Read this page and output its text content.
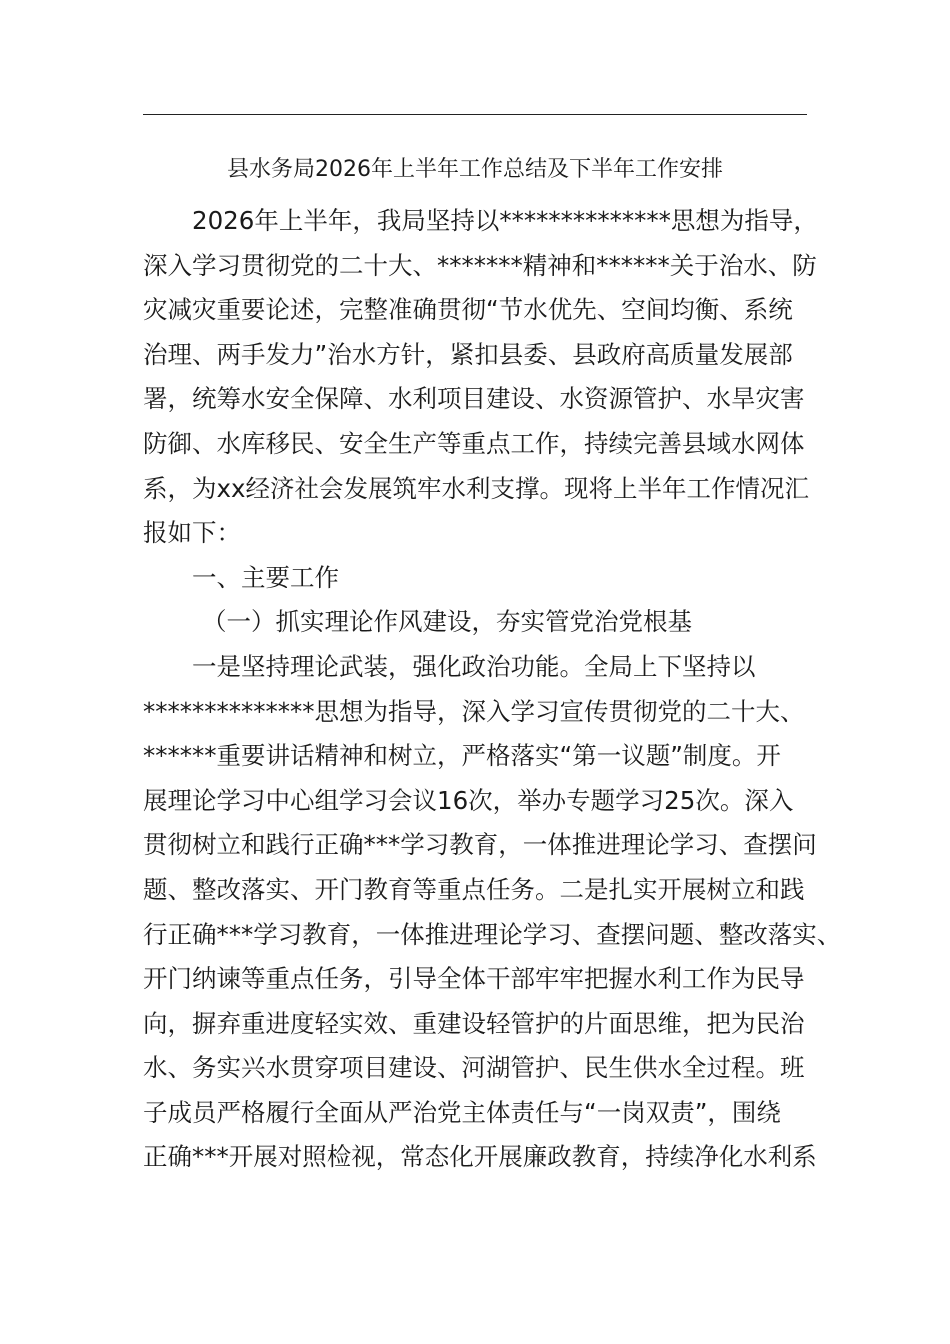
县水务局2026年上半年工作总结及下半年工作安排
2026年上半年，我局坚持以**************思想为指导，
深入学习贯彻党的二十大、*******精神和******关于治水、防
灾减灾重要论述，完整准确贯彻“节水优先、空间均衡、系统
治理、两手发力”治水方针，紧扣县委、县政府高质量发展部
署，统筹水安全保障、水利项目建设、水资源管护、水旱灾害
防御、水库移民、安全生产等重点工作，持续完善县域水网体
系，为xx经济社会发展筑牢水利支撑。现将上半年工作情况汇
报如下：
一、主要工作
（一）抓实理论作风建设，夯实管党治党根基
一是坚持理论武装，强化政治功能。全局上下坚持以
**************思想为指导，深入学习宣传贯彻党的二十大、
******重要讲话精神和树立，严格落实“第一议题”制度。开
展理论学习中心组学习会议16次，举办专题学习25次。深入
贯彻树立和践行正确***学习教育，一体推进理论学习、查摆问
题、整改落实、开门教育等重点任务。二是扎实开展树立和践
行正确***学习教育，一体推进理论学习、查摆问题、整改落实、
开门纳谏等重点任务，引导全体干部牢牢把握水利工作为民导
向，摒弃重进度轻实效、重建设轻管护的片面思维，把为民治
水、务实兴水贯穿项目建设、河湖管护、民生供水全过程。班
子成员严格履行全面从严治党主体责任与“一岗双责”，围绕
正确***开展对照检视，常态化开展廉政教育，持续净化水利系
